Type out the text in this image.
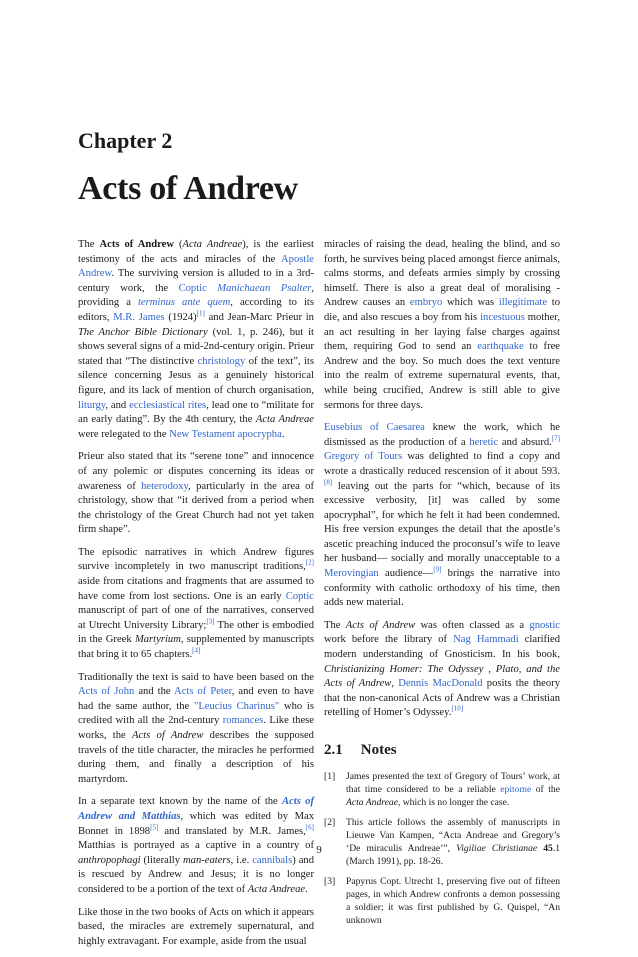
Chapter 2
Acts of Andrew

The Acts of Andrew (Acta Andreae), is the earliest testimony of the acts and miracles of the Apostle Andrew. The surviving version is alluded to in a 3rd-century work, the Coptic Manichaean Psalter, providing a terminus ante quem, according to its editors, M.R. James (1924)[1] and Jean-Marc Prieur in The Anchor Bible Dictionary (vol. 1, p. 246), but it shows several signs of a mid-2nd-century origin. Prieur stated that “The distinctive christology of the text”, its silence concerning Jesus as a genuinely historical figure, and its lack of mention of church organisation, liturgy, and ecclesiastical rites, lead one to “militate for an early dating”. By the 4th century, the Acta Andreae were relegated to the New Testament apocrypha.

Prieur also stated that its “serene tone” and innocence of any polemic or disputes concerning its ideas or awareness of heterodoxy, particularly in the area of christology, show that “it derived from a period when the christology of the Great Church had not yet taken firm shape”.

The episodic narratives in which Andrew figures survive incompletely in two manuscript traditions,[2] aside from citations and fragments that are assumed to have come from lost sections. One is an early Coptic manuscript of part of one of the narratives, conserved at Utrecht University Library;[3] The other is embodied in the Greek Martyrium, supplemented by manuscripts that bring it to 65 chapters.[4]

Traditionally the text is said to have been based on the Acts of John and the Acts of Peter, and even to have had the same author, the "Leucius Charinus" who is credited with all the 2nd-century romances. Like these works, the Acts of Andrew describes the supposed travels of the title character, the miracles he performed during them, and finally a description of his martyrdom.

In a separate text known by the name of the Acts of Andrew and Matthias, which was edited by Max Bonnet in 1898[5] and translated by M.R. James,[6] Matthias is portrayed as a captive in a country of anthropophagi (literally man-eaters, i.e. cannibals) and is rescued by Andrew and Jesus; it is no longer considered to be a portion of the text of Acta Andreae.

Like those in the two books of Acts on which it appears based, the miracles are extremely supernatural, and highly extravagant. For example, aside from the usual

miracles of raising the dead, healing the blind, and so forth, he survives being placed amongst fierce animals, calms storms, and defeats armies simply by crossing himself. There is also a great deal of moralising - Andrew causes an embryo which was illegitimate to die, and also rescues a boy from his incestuous mother, an act resulting in her laying false charges against them, requiring God to send an earthquake to free Andrew and the boy. So much does the text venture into the realm of extreme supernatural events, that, while being crucified, Andrew is still able to give sermons for three days.

Eusebius of Caesarea knew the work, which he dismissed as the production of a heretic and absurd.[7] Gregory of Tours was delighted to find a copy and wrote a drastically reduced rescension of it about 593.[8] leaving out the parts for “which, because of its excessive verbosity, [it] was called by some apocryphal”, for which he felt it had been condemned. His free version expunges the detail that the apostle’s ascetic preaching induced the proconsul’s wife to leave her husband— socially and morally unacceptable to a Merovingian audience—[9] brings the narrative into conformity with catholic orthodoxy of his time, then adds new material.

The Acts of Andrew was often classed as a gnostic work before the library of Nag Hammadi clarified modern understanding of Gnosticism. In his book, Christianizing Homer: The Odyssey , Plato, and the Acts of Andrew, Dennis MacDonald posits the theory that the non-canonical Acts of Andrew was a Christian retelling of Homer’s Odyssey.[10]

2.1 Notes
[1] James presented the text of Gregory of Tours’ work, at that time considered to be a reliable epitome of the Acta Andreae, which is no longer the case.
[2] This article follows the assembly of manuscripts in Lieuwe Van Kampen, “Acta Andreae and Gregory’s ‘De miraculis Andreae’”, Vigiliae Christianae 45.1 (March 1991), pp. 18-26.
[3] Papyrus Copt. Utrecht 1, preserving five out of fifteen pages, in which Andrew confronts a demon possessing a soldier; it was first published by G. Quispel, “An unknown
9
